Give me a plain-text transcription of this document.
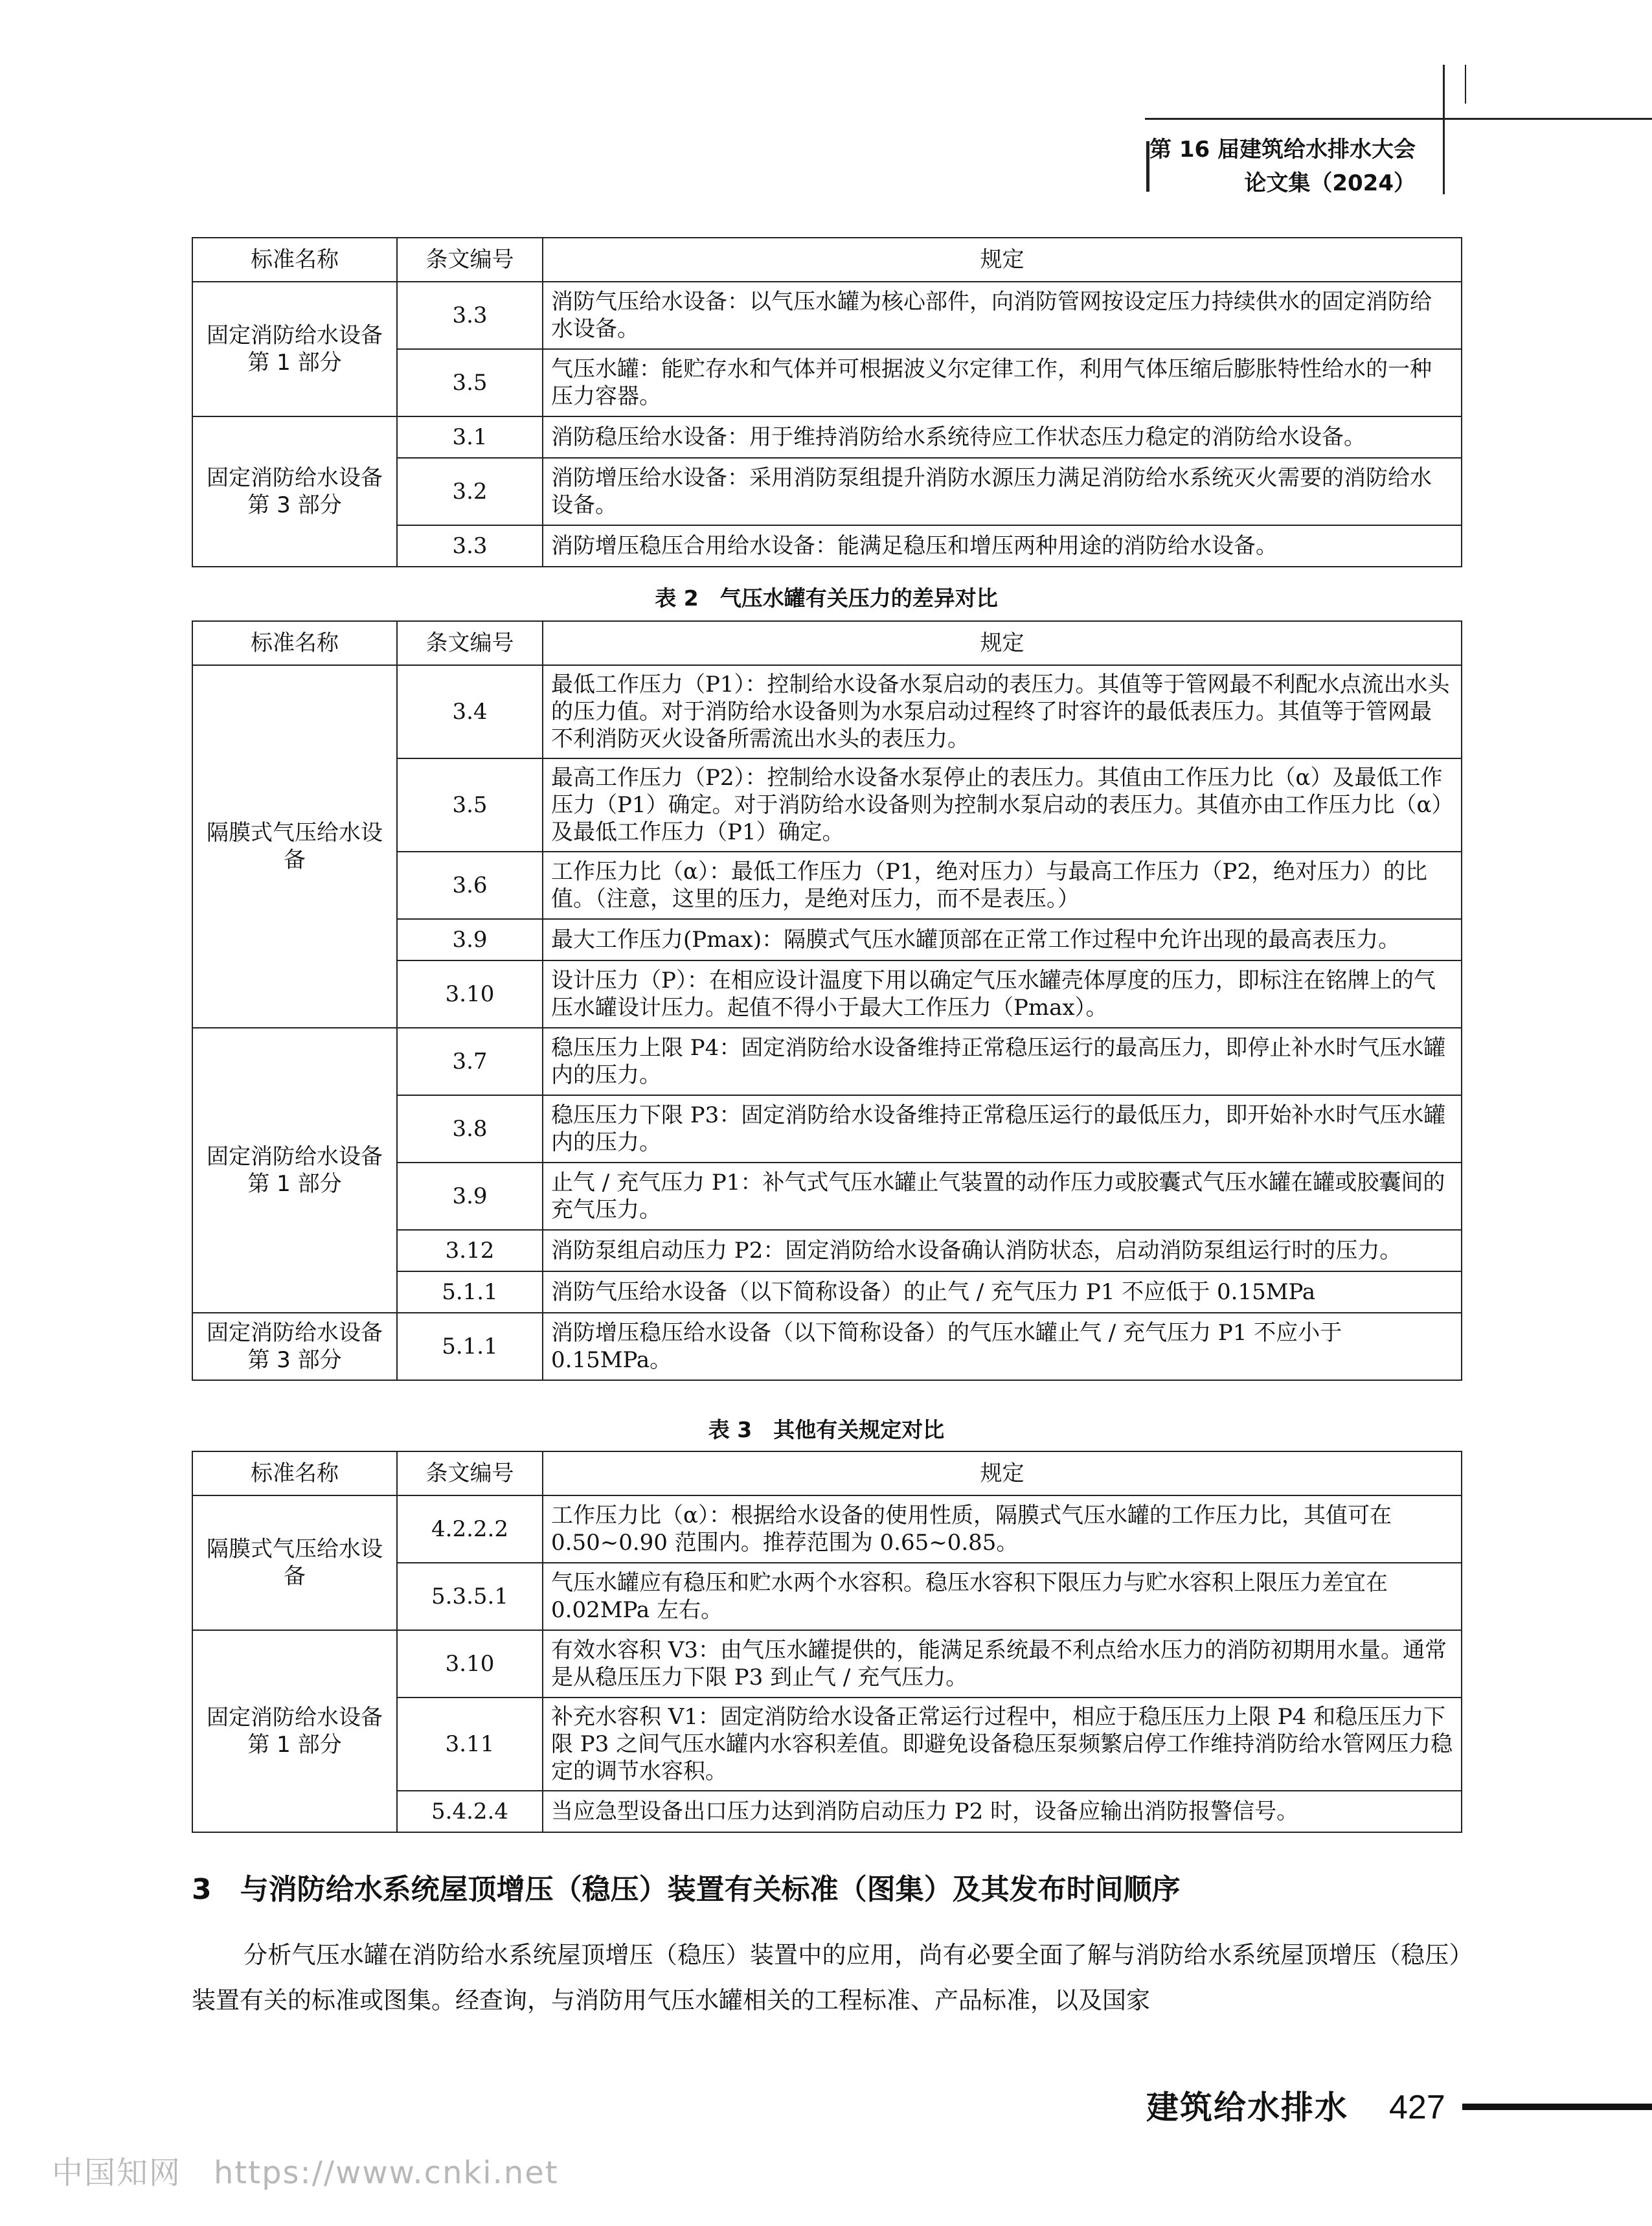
第 16 届建筑给水排水大会
论文集（2024）
标准名称	条文编号	规定
固定消防给水设备 第 1 部分	3.3	消防气压给水设备：以气压水罐为核心部件，向消防管网按设定压力持续供水的固定消防给水设备。
	3.5	气压水罐：能贮存水和气体并可根据波义尔定律工作，利用气体压缩后膨胀特性给水的一种压力容器。
固定消防给水设备 第 3 部分	3.1	消防稳压给水设备：用于维持消防给水系统待应工作状态压力稳定的消防给水设备。
	3.2	消防增压给水设备：采用消防泵组提升消防水源压力满足消防给水系统灭火需要的消防给水设备。
	3.3	消防增压稳压合用给水设备：能满足稳压和增压两种用途的消防给水设备。
表 2　气压水罐有关压力的差异对比
标准名称	条文编号	规定
隔膜式气压给水设备	3.4	最低工作压力（P1）：控制给水设备水泵启动的表压力。其值等于管网最不利配水点流出水头的压力值。对于消防给水设备则为水泵启动过程终了时容许的最低表压力。其值等于管网最不利消防灭火设备所需流出水头的表压力。
	3.5	最高工作压力（P2）：控制给水设备水泵停止的表压力。其值由工作压力比（α）及最低工作压力（P1）确定。对于消防给水设备则为控制水泵启动的表压力。其值亦由工作压力比（α）及最低工作压力（P1）确定。
	3.6	工作压力比（α）：最低工作压力（P1，绝对压力）与最高工作压力（P2，绝对压力）的比值。（注意，这里的压力，是绝对压力，而不是表压。）
	3.9	最大工作压力(Pmax)：隔膜式气压水罐顶部在正常工作过程中允许出现的最高表压力。
	3.10	设计压力（P）：在相应设计温度下用以确定气压水罐壳体厚度的压力，即标注在铭牌上的气压水罐设计压力。起值不得小于最大工作压力（Pmax）。
固定消防给水设备 第 1 部分	3.7	稳压压力上限 P4：固定消防给水设备维持正常稳压运行的最高压力，即停止补水时气压水罐内的压力。
	3.8	稳压压力下限 P3：固定消防给水设备维持正常稳压运行的最低压力，即开始补水时气压水罐内的压力。
	3.9	止气 / 充气压力 P1：补气式气压水罐止气装置的动作压力或胶囊式气压水罐在罐或胶囊间的充气压力。
	3.12	消防泵组启动压力 P2：固定消防给水设备确认消防状态，启动消防泵组运行时的压力。
	5.1.1	消防气压给水设备（以下简称设备）的止气 / 充气压力 P1 不应低于 0.15MPa
固定消防给水设备 第 3 部分	5.1.1	消防增压稳压给水设备（以下简称设备）的气压水罐止气 / 充气压力 P1 不应小于 0.15MPa。
表 3　其他有关规定对比
标准名称	条文编号	规定
隔膜式气压给水设备	4.2.2.2	工作压力比（α）：根据给水设备的使用性质，隔膜式气压水罐的工作压力比，其值可在 0.50~0.90 范围内。推荐范围为 0.65~0.85。
	5.3.5.1	气压水罐应有稳压和贮水两个水容积。稳压水容积下限压力与贮水容积上限压力差宜在 0.02MPa 左右。
固定消防给水设备 第 1 部分	3.10	有效水容积 V3：由气压水罐提供的，能满足系统最不利点给水压力的消防初期用水量。通常是从稳压压力下限 P3 到止气 / 充气压力。
	3.11	补充水容积 V1：固定消防给水设备正常运行过程中，相应于稳压压力上限 P4 和稳压压力下限 P3 之间气压水罐内水容积差值。即避免设备稳压泵频繁启停工作维持消防给水管网压力稳定的调节水容积。
	5.4.2.4	当应急型设备出口压力达到消防启动压力 P2 时，设备应输出消防报警信号。
3　与消防给水系统屋顶增压（稳压）装置有关标准（图集）及其发布时间顺序
分析气压水罐在消防给水系统屋顶增压（稳压）装置中的应用，尚有必要全面了解与消防给水系统屋顶增压（稳压）装置有关的标准或图集。经查询，与消防用气压水罐相关的工程标准、产品标准，以及国家
建筑给水排水 427
中国知网　https://www.cnki.net
